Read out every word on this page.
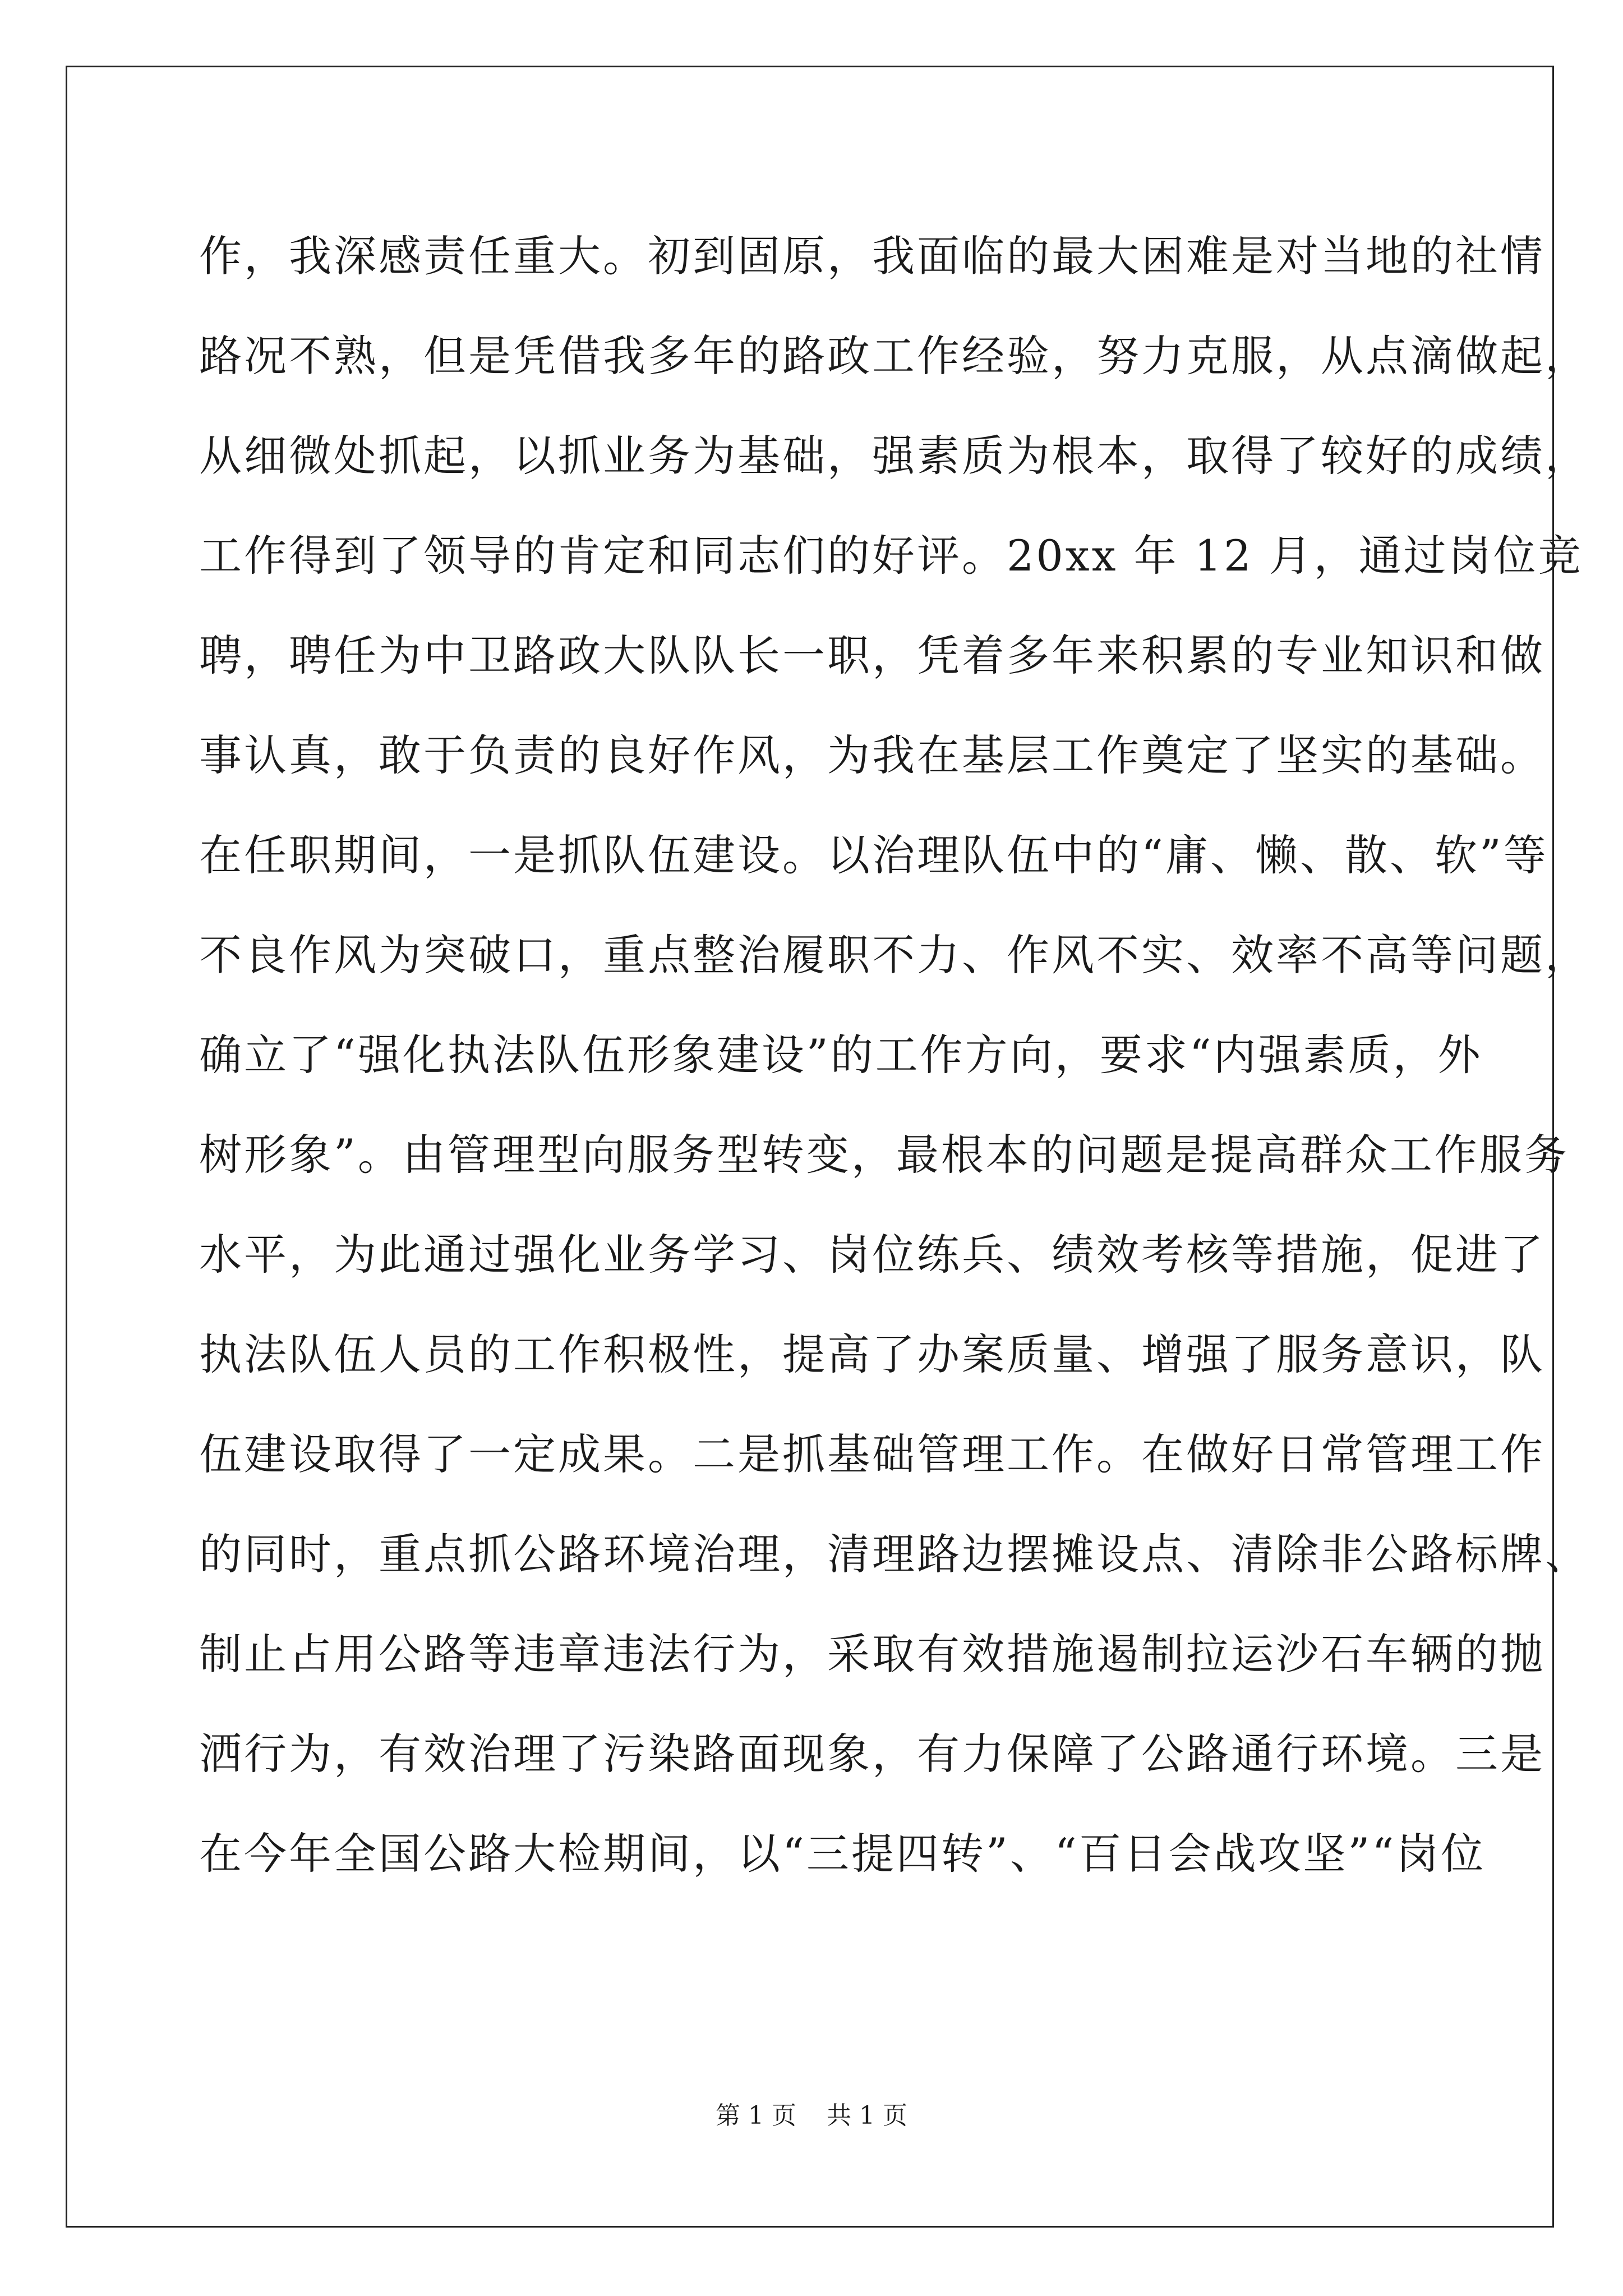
作，我深感责任重大。初到固原，我面临的最大困难是对当地的社情
路况不熟，但是凭借我多年的路政工作经验，努力克服，从点滴做起，
从细微处抓起，以抓业务为基础，强素质为根本，取得了较好的成绩，
工作得到了领导的肯定和同志们的好评。20xx 年 12 月，通过岗位竞
聘，聘任为中卫路政大队队长一职，凭着多年来积累的专业知识和做
事认真，敢于负责的良好作风，为我在基层工作奠定了坚实的基础。
在任职期间，一是抓队伍建设。以治理队伍中的“庸、懒、散、软”等
不良作风为突破口，重点整治履职不力、作风不实、效率不高等问题，
确立了“强化执法队伍形象建设”的工作方向，要求“内强素质，外
树形象”。由管理型向服务型转变，最根本的问题是提高群众工作服务
水平，为此通过强化业务学习、岗位练兵、绩效考核等措施，促进了
执法队伍人员的工作积极性，提高了办案质量、增强了服务意识，队
伍建设取得了一定成果。二是抓基础管理工作。在做好日常管理工作
的同时，重点抓公路环境治理，清理路边摆摊设点、清除非公路标牌、
制止占用公路等违章违法行为，采取有效措施遏制拉运沙石车辆的抛
洒行为，有效治理了污染路面现象，有力保障了公路通行环境。三是
在今年全国公路大检期间，以“三提四转”、“百日会战攻坚”“岗位
第 1 页 共 1 页
